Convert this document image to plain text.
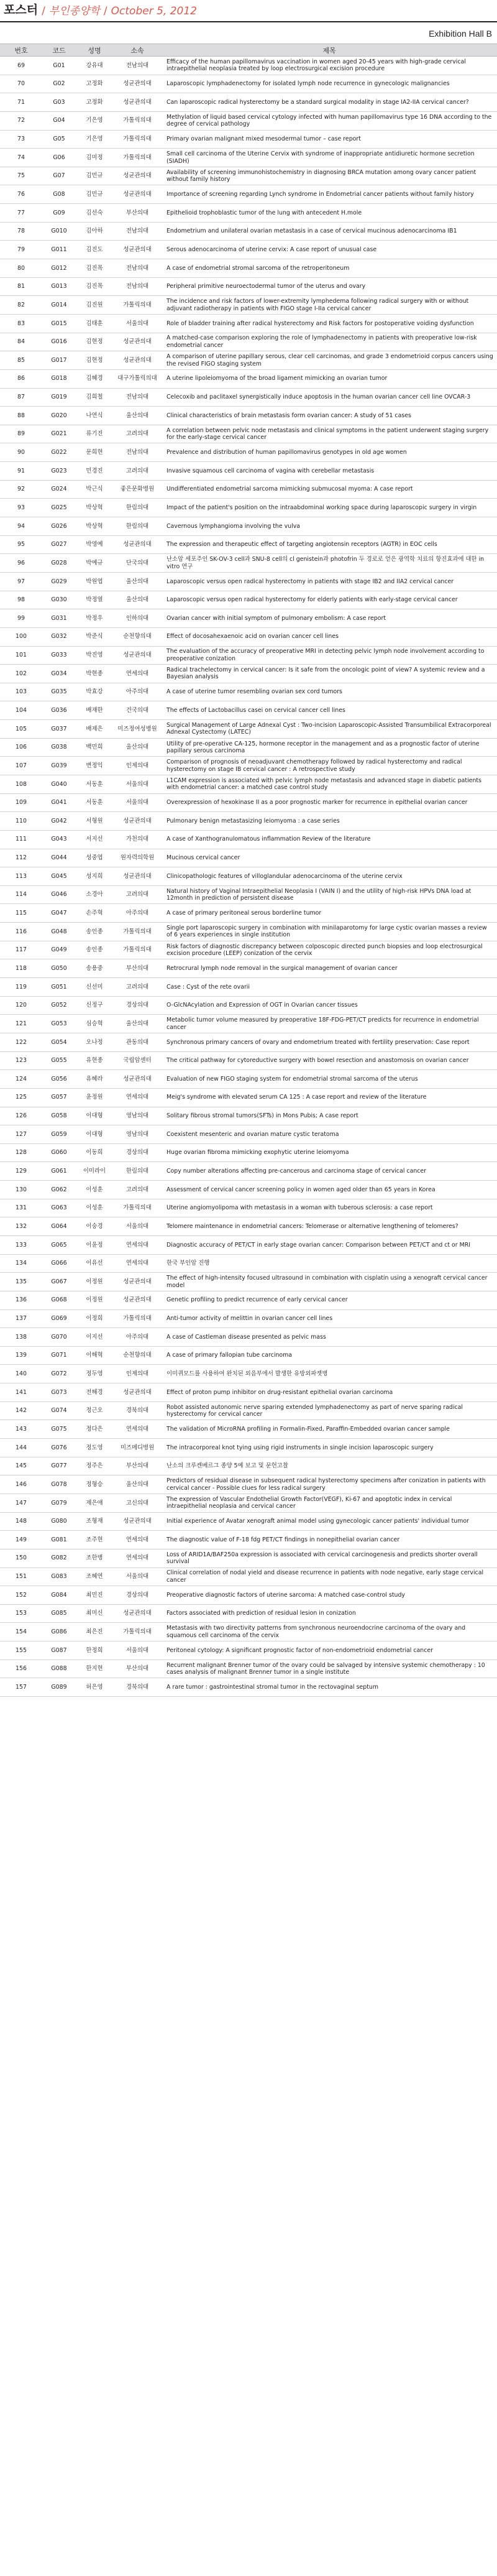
포스터 / 부인종양학 / October 5, 2012
Exhibition Hall B
번호	코드	성명	소속	제목
69	G01	강유대	전남의대	Efficacy of the human papillomavirus vaccination in women aged 20-45 years with high-grade cervical intraepithelial neoplasia treated by loop electrosurgical excision procedure
70	G02	고정화	성균관의대	Laparoscopic lymphadenectomy for isolated lymph node recurrence in gynecologic malignancies
71	G03	고정화	성균관의대	Can laparoscopic radical hysterectomy be a standard surgical modality in stage IA2-IIA cervical cancer?
72	G04	기은영	가톨릭의대	Methylation of liquid based cervical cytology infected with human papillomavirus type 16 DNA according to the degree of cervical pathology
73	G05	기은영	가톨릭의대	Primary ovarian malignant mixed mesodermal tumor – case report
74	G06	김미정	가톨릭의대	Small cell carcinoma of the Uterine Cervix with syndrome of inappropriate antidiuretic hormone secretion (SIADH)
75	G07	김민규	성균관의대	Availability of screening immunohistochemistry in diagnosing BRCA mutation among ovary cancer patient without family history
76	G08	김민규	성균관의대	Importance of screening regarding Lynch syndrome in Endometrial cancer patients without family history
77	G09	김선숙	부산의대	Epithelioid trophoblastic tumor of the lung with antecedent H.mole
78	G010	김아하	전남의대	Endometrium and unilateral ovarian metastasis in a case of cervical mucinous adenocarcinoma IB1
79	G011	김진도	성균관의대	Serous adenocarcinoma of uterine cervix: A case report of unusual case
80	G012	김진목	전남의대	A case of endometrial stromal sarcoma of the retroperitoneum
81	G013	김진목	전남의대	Peripheral primitive neuroectodermal tumor of the uterus and ovary
82	G014	김진원	가톨릭의대	The incidence and risk factors of lower-extremity lymphedema following radical surgery with or without adjuvant radiotherapy in patients with FIGO stage I-IIa cervical cancer
83	G015	김태훈	서울의대	Role of bladder training after radical hysterectomy and Risk factors for postoperative voiding dysfunction
84	G016	김현정	성균관의대	A matched-case comparison exploring the role of lymphadenectomy in patients with preoperative low-risk endometrial cancer
85	G017	김현정	성균관의대	A comparison of uterine papillary serous, clear cell carcinomas, and grade 3 endometrioid corpus cancers using the revised FIGO staging system
86	G018	김혜경	대구가톨릭의대	A uterine lipoleiomyoma of the broad ligament mimicking an ovarian tumor
87	G019	김희철	전남의대	Celecoxib and paclitaxel synergistically induce apoptosis in the human ovarian cancer cell line OVCAR-3
88	G020	나연식	울산의대	Clinical characteristics of brain metastasis form ovarian cancer: A study of 51 cases
89	G021	류기진	고려의대	A correlation between pelvic node metastasis and clinical symptoms in the patient underwent staging surgery for the early-stage cervical cancer
90	G022	문희현	전남의대	Prevalence and distribution of human papillomavirus genotypes in old age women
91	G023	민경진	고려의대	Invasive squamous cell carcinoma of vagina with cerebellar metastasis
92	G024	박근식	좋은문화병원	Undifferentiated endometrial sarcoma mimicking submucosal myoma: A case report
93	G025	박상혁	한림의대	Impact of the patient's position on the intraabdominal working space during laparoscopic surgery in virgin
94	G026	박상혁	한림의대	Cavernous lymphangioma involving the vulva
95	G027	박영예	성균관의대	The expression and therapeutic effect of targeting angiotensin receptors (AGTR) in EOC cells
96	G028	박예규	단국의대	난소암 세포주인 SK-OV-3 cell과 SNU-8 cell의 cl genistein과 photofrin 두 경로로 얻은 광역학 치료의 항진효과에 대한 in vitro 연구
97	G029	박원엽	울산의대	Laparoscopic versus open radical hysterectomy in patients with stage IB2 and IIA2 cervical cancer
98	G030	박정열	울산의대	Laparoscopic versus open radical hysterectomy for elderly patients with early-stage cervical cancer
99	G031	박정우	인하의대	Ovarian cancer with initial symptom of pulmonary embolism: A case report
100	G032	박준식	순천향의대	Effect of docosahexaenoic acid on ovarian cancer cell lines
101	G033	박진영	성균관의대	The evaluation of the accuracy of preoperative MRI in detecting pelvic lymph node involvement according to preoperative conization
102	G034	박현종	연세의대	Radical trachelectomy in cervical cancer: Is it safe from the oncologic point of view? A systemic review and a Bayesian analysis
103	G035	박효강	아주의대	A case of uterine tumor resembling ovarian sex cord tumors
104	G036	배재한	건국의대	The effects of Lactobacillus casei on cervical cancer cell lines
105	G037	배제은	미즈정여성병원	Surgical Management of Large Adnexal Cyst : Two-incision Laparoscopic-Assisted Transumbilical Extracorporeal Adnexal Cystectomy (LATEC)
106	G038	백민희	울산의대	Utility of pre-operative CA-125, hormone receptor in the management and as a prognostic factor of uterine papillary serous carcinoma
107	G039	변정익	인제의대	Comparison of prognosis of neoadjuvant chemotherapy followed by radical hysterectomy and radical hysterectomy on stage IB cervical cancer : A retrospective study
108	G040	서동훈	서울의대	L1CAM expression is associated with pelvic lymph node metastasis and advanced stage in diabetic patients with endometrial cancer: a matched case control study
109	G041	서동훈	서울의대	Overexpression of hexokinase II as a poor prognostic marker for recurrence in epithelial ovarian cancer
110	G042	서형원	성균관의대	Pulmonary benign metastasizing leiomyoma : a case series
111	G043	서지선	가천의대	A case of Xanthogranulomatous inflammation Review of the literature
112	G044	성중엽	원자력의학원	Mucinous cervical cancer
113	G045	성지희	성균관의대	Clinicopathologic features of villoglandular adenocarcinoma of the uterine cervix
114	G046	소경아	고려의대	Natural history of Vaginal Intraepithelial Neoplasia I (VAIN I) and the utility of high-risk HPVs DNA load at 12month in prediction of persistent disease
115	G047	손주혁	아주의대	A case of primary peritoneal serous borderline tumor
116	G048	송인종	가톨릭의대	Single port laparoscopic surgery in combination with minilaparotomy for large cystic ovarian masses a review of 6 years experiences in single institution
117	G049	송인종	가톨릭의대	Risk factors of diagnostic discrepancy between colposcopic directed punch biopsies and loop electrosurgical excision procedure (LEEP) conization of the cervix
118	G050	송용중	부산의대	Retrocrural lymph node removal in the surgical management of ovarian cancer
119	G051	신선미	고려의대	Case : Cyst of the rete ovarii
120	G052	신정구	경상의대	O-GlcNAcylation and Expression of OGT in Ovarian cancer tissues
121	G053	심승혁	울산의대	Metabolic tumor volume measured by preoperative 18F-FDG-PET/CT predicts for recurrence in endometrial cancer
122	G054	오나정	관동의대	Synchronous primary cancers of ovary and endometrium treated with fertility preservation: Case report
123	G055	유현종	국립암센터	The critical pathway for cytoreductive surgery with bowel resection and anastomosis on ovarian cancer
124	G056	유혜라	성균관의대	Evaluation of new FIGO staging system for endometrial stromal sarcoma of the uterus
125	G057	윤정원	연세의대	Meig's syndrome with elevated serum CA 125 : A case report and review of the literature
126	G058	이대형	영남의대	Solitary fibrous stromal tumors(SFTs) in Mons Pubis; A case report
127	G059	이대형	영남의대	Coexistent mesenteric and ovarian mature cystic teratoma
128	G060	이동희	경상의대	Huge ovarian fibroma mimicking exophytic uterine leiomyoma
129	G061	이미라이	한림의대	Copy number alterations affecting pre-cancerous and carcinoma stage of cervical cancer
130	G062	이성훈	고려의대	Assessment of cervical cancer screening policy in women aged older than 65 years in Korea
131	G063	이성훈	가톨릭의대	Uterine angiomyolipoma with metastasis in a woman with tuberous sclerosis: a case report
132	G064	이숭경	서울의대	Telomere maintenance in endometrial cancers: Telomerase or alternative lengthening of telomeres?
133	G065	이윤정	연세의대	Diagnostic accuracy of PET/CT in early stage ovarian cancer: Comparison between PET/CT and ct or MRI
134	G066	이유선	연세의대	한국 부인암 진행
135	G067	이정원	성균관의대	The effect of high-intensity focused ultrasound in combination with cisplatin using a xenograft cervical cancer model
136	G068	이정원	성균관의대	Genetic profiling to predict recurrence of early cervical cancer
137	G069	이정희	가톨릭의대	Anti-tumor activity of melittin in ovarian cancer cell lines
138	G070	이지선	아주의대	A case of Castleman disease presented as pelvic mass
139	G071	이해혁	순천향의대	A case of primary fallopian tube carcinoma
140	G072	정두영	인제의대	이미퀴모드를 사용하여 완치된 외음부에서 발생한 유방외파젯병
141	G073	전해경	성균관의대	Effect of proton pump inhibitor on drug-resistant epithelial ovarian carcinoma
142	G074	정근오	경북의대	Robot assisted autonomic nerve sparing extended lymphadenectomy as part of nerve sparing radical hysterectomy for cervical cancer
143	G075	정다은	연세의대	The validation of MicroRNA profiling in Formalin-Fixed, Paraffin-Embedded ovarian cancer sample
144	G076	정도영	미즈메디병원	The intracorporeal knot tying using rigid instruments in single incision laparoscopic surgery
145	G077	정주은	부산의대	난소의 크루켄베르그 종양 5예 보고 및 문헌고찰
146	G078	정형승	울산의대	Predictors of residual disease in subsequent radical hysterectomy specimens after conization in patients with cervical cancer - Possible clues for less radical surgery
147	G079	제은애	고신의대	The expression of Vascular Endothelial Growth Factor(VEGF), Ki-67 and apoptotic index in cervical intraepithelial neoplasia and cervical cancer
148	G080	조형재	성균관의대	Initial experience of Avatar xenograft animal model using gynecologic cancer patients' individual tumor
149	G081	조주현	연세의대	The diagnostic value of F-18 fdg PET/CT findings in nonepithelial ovarian cancer
150	G082	조한병	연세의대	Loss of ARID1A/BAF250a expression is associated with cervical carcinogenesis and predicts shorter overall survival
151	G083	조혜연	서울의대	Clinical correlation of nodal yield and disease recurrence in patients with node negative, early stage cervical cancer
152	G084	최민진	경상의대	Preoperative diagnostic factors of uterine sarcoma: A matched case-control study
153	G085	최미신	성균관의대	Factors associated with prediction of residual lesion in conization
154	G086	최은진	가톨릭의대	Metastasis with two directivity patterns from synchronous neuroendocrine carcinoma of the ovary and squamous cell carcinoma of the cervix
155	G087	한정희	서울의대	Peritoneal cytology: A significant prognostic factor of non-endometrioid endometrial cancer
156	G088	한지현	부산의대	Recurrent malignant Brenner tumor of the ovary could be salvaged by intensive systemic chemotherapy : 10 cases analysis of malignant Brenner tumor in a single institute
157	G089	허은영	경북의대	A rare tumor : gastrointestinal stromal tumor in the rectovaginal septum
